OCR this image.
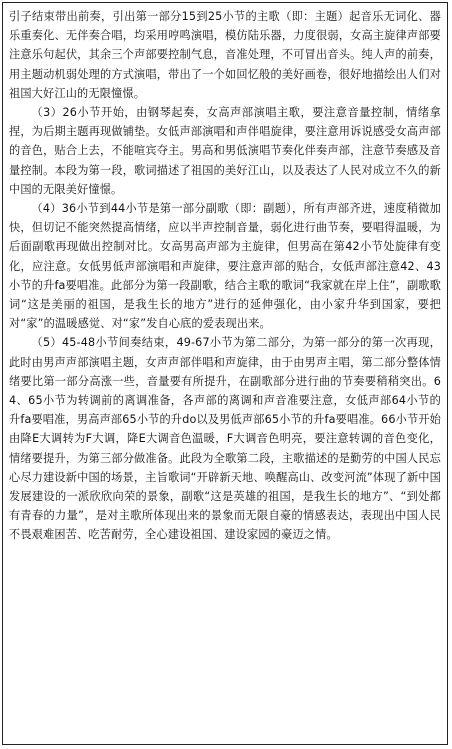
引子结束带出前奏，引出第一部分15到25小节的主歌（即：主题）起音乐无词化、器乐重奏化、无伴奏合唱，均采用哼鸣演唱，模仿陆乐器，力度很弱，女高主旋律声部要注意乐句起伏，其余三个声部要控制气息，音准处理，不可冒出音头。纯人声的前奏，用主题动机弱处理的方式演唱，带出了一个如回忆般的美好画卷，很好地描绘出人们对祖国大好江山的无限憧憬。

（3）26小节开始，由钢琴起奏，女高声部演唱主歌，要注意音量控制，情绪拿捏，为后期主题再现做铺垫。女低声部演唱和声伴唱旋律，要注意用诉说感受女高声部的音色，贴合上去，不能喧宾夺主。男高和男低演唱节奏化伴奏声部，注意节奏感及音量控制。本段为第一段，歌词描述了祖国的美好江山，以及表达了人民对成立不久的新中国的无限美好憧憬。

（4）36小节到44小节是第一部分副歌（即：副题），所有声部齐进，速度稍微加快，但切记不能突然提高情绪，应以半声控制音量，弱化进行曲节奏，要唱得温暖，为后面副歌再现做出控制对比。女高男高声部为主旋律，但男高在第42小节处旋律有变化，应注意。女低男低声部演唱和声旋律，要注意声部的贴合，女低声部注意42、43小节的升fa要唱准。此部分为第一段副歌，结合主歌的歌词“我家就在岸上住”，副歌歌词“这是美丽的祖国，是我生长的地方”进行的延伸强化，由小家升华到国家，要把对“家”的温暖感觉、对“家”发自心底的爱表现出来。

（5）45-48小节间奏结束，49-67小节为第二部分，为第一部分的第一次再现，此时由男声声部演唱主题，女声声部伴唱和声旋律，由于由男声主唱，第二部分整体情绪要比第一部分高涨一些，音量要有所提升，在副歌部分进行曲的节奏要稍稍突出。64、65小节为转调前的离调准备，各声部的离调和声音准要注意，女低声部64小节的升fa要唱准，男高声部65小节的升do以及男低声部65小节的升fa要唱准。66小节开始由降E大调转为F大调，降E大调音色温暖，F大调音色明亮，要注意转调的音色变化，情绪要提升，为第三部分做准备。此段为全歌第二段，主歌描述的是勤劳的中国人民忘心尽力建设新中国的场景，主旨歌词“开辟新天地、唤醒高山、改变河流”体现了新中国发展建设的一派欣欣向荣的景象，副歌“这是英雄的祖国，是我生长的地方”、“到处都有青春的力量”，是对主歌所体现出来的景象而无限自豪的情感表达，表现出中国人民不畏艰难困苦、吃苦耐劳，全心建设祖国、建设家园的豪迈之情。
